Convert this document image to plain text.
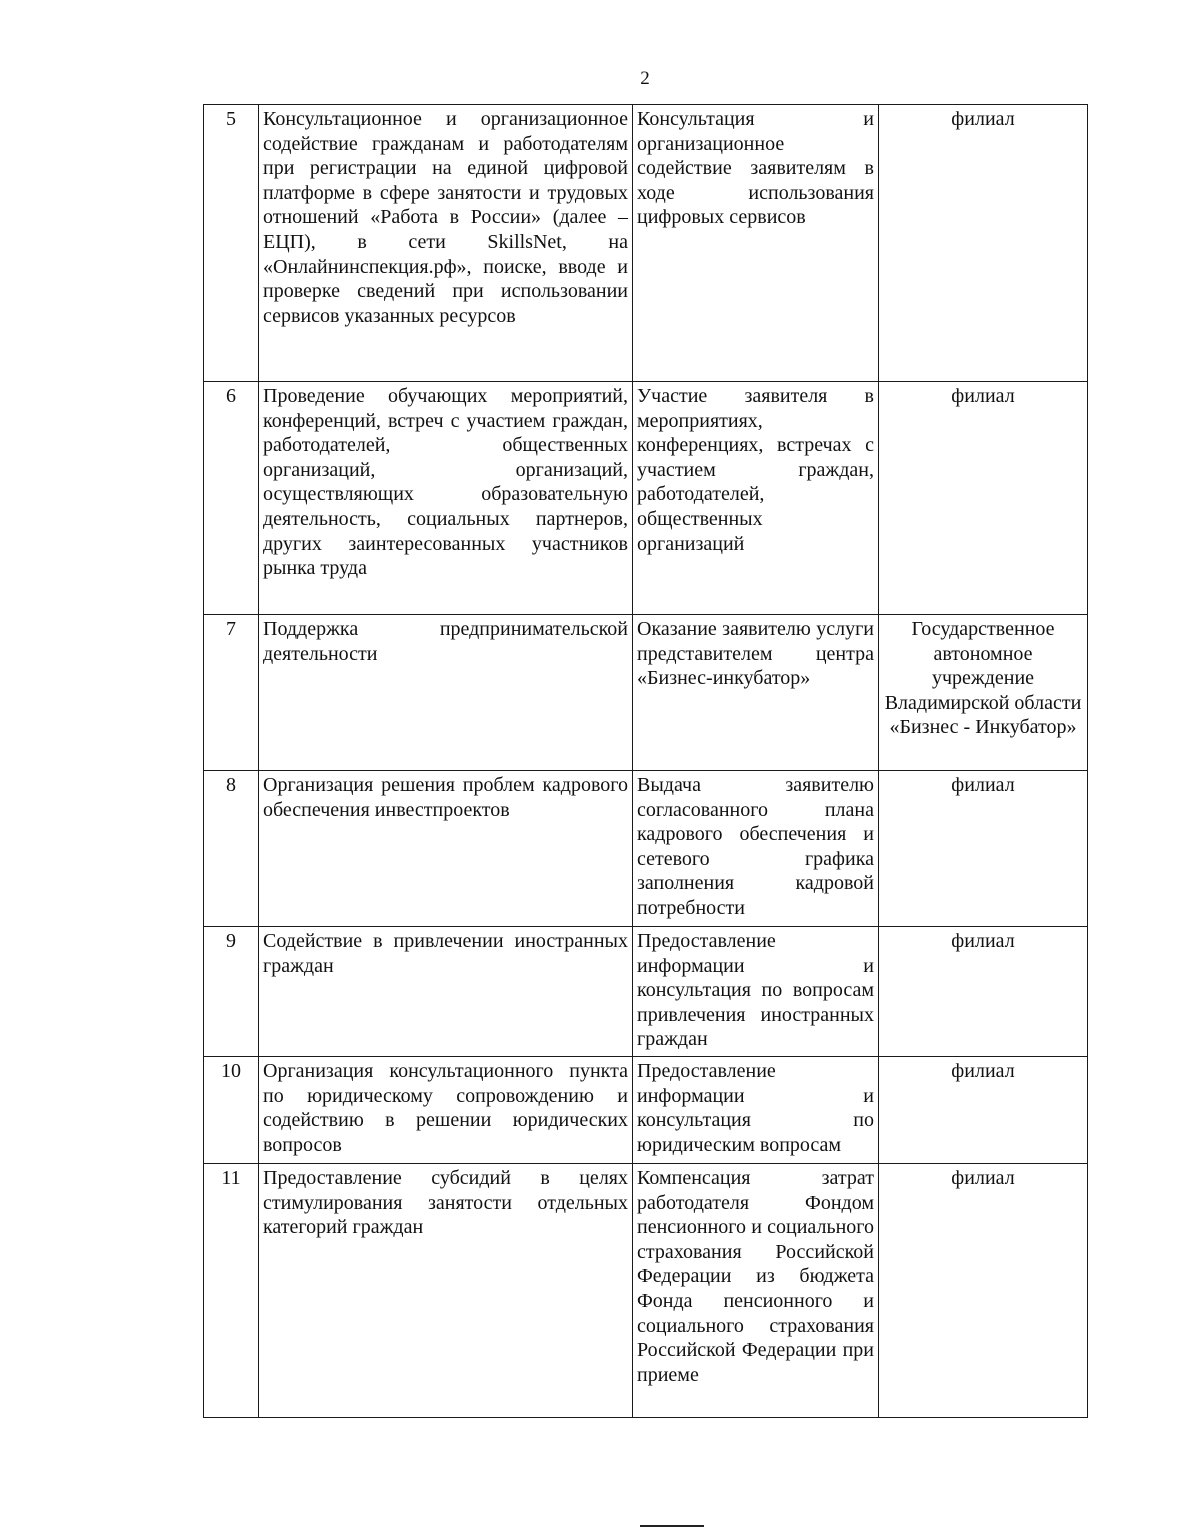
2
5	Консультационное и организационное содействие гражданам и работодателям при регистрации на единой цифровой платформе в сфере занятости и трудовых отношений «Работа в России» (далее – ЕЦП), в сети SkillsNet, на «Онлайнинспекция.рф», поиске, вводе и проверке сведений при использовании сервисов указанных ресурсов	Консультация и организационное содействие заявителям в ходе использования цифровых сервисов	филиал
6	Проведение обучающих мероприятий, конференций, встреч с участием граждан, работодателей, общественных организаций, организаций, осуществляющих образовательную деятельность, социальных партнеров, других заинтересованных участников рынка труда	Участие заявителя в мероприятиях, конференциях, встречах с участием граждан, работодателей, общественных организаций	филиал
7	Поддержка предпринимательской деятельности	Оказание заявителю услуги представителем центра «Бизнес-инкубатор»	Государственное автономное учреждение Владимирской области «Бизнес - Инкубатор»
8	Организация решения проблем кадрового обеспечения инвестпроектов	Выдача заявителю согласованного плана кадрового обеспечения и сетевого графика заполнения кадровой потребности	филиал
9	Содействие в привлечении иностранных граждан	Предоставление информации и консультация по вопросам привлечения иностранных граждан	филиал
10	Организация консультационного пункта по юридическому сопровождению и содействию в решении юридических вопросов	Предоставление информации и консультация по юридическим вопросам	филиал
11	Предоставление субсидий в целях стимулирования занятости отдельных категорий граждан	Компенсация затрат работодателя Фондом пенсионного и социального страхования Российской Федерации из бюджета Фонда пенсионного и социального страхования Российской Федерации при приеме	филиал
